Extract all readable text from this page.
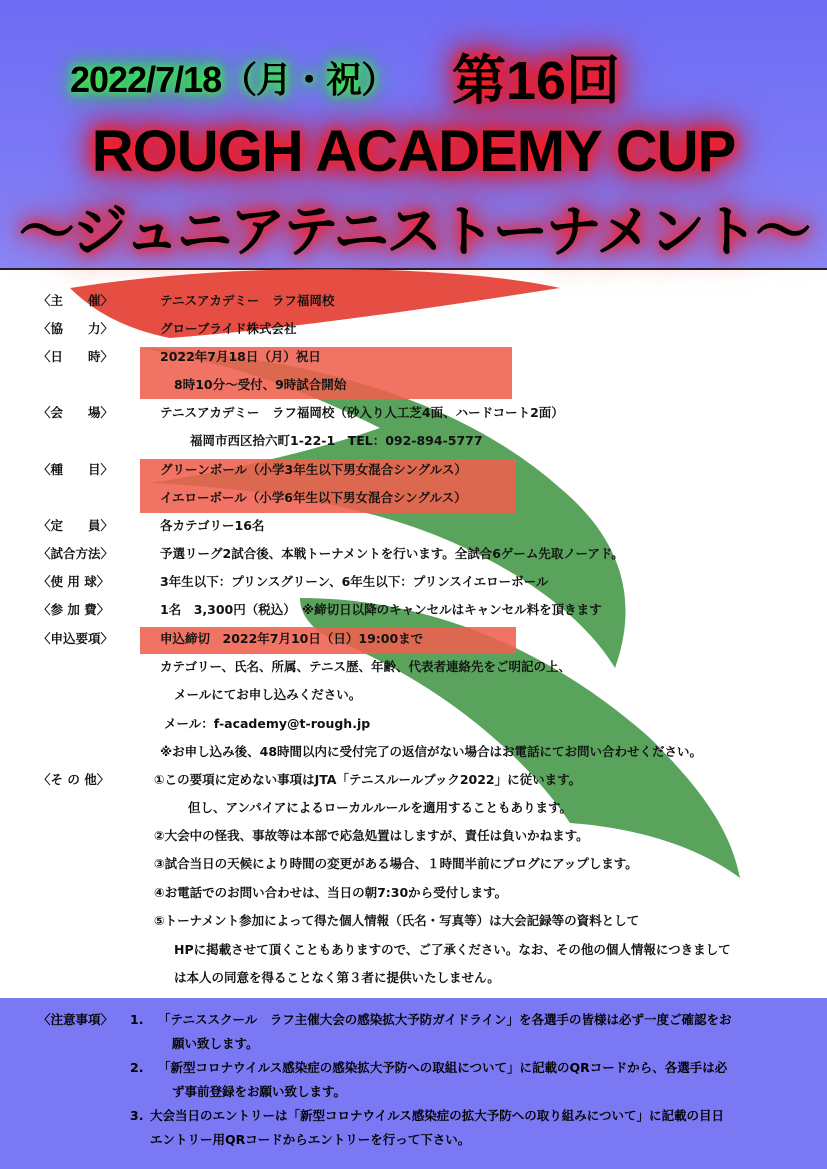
2022/7/18（月・祝） 第16回
ROUGH ACADEMY CUP
～ジュニアテニストーナメント～
〈主　　催〉	テニスアカデミー　ラフ福岡校
〈協　　力〉	グローブライド株式会社
〈日　　時〉	2022年7月18日（月）祝日
8時10分～受付、9時試合開始
〈会　　場〉	テニスアカデミー　ラフ福岡校（砂入り人工芝4面、ハードコート2面）
福岡市西区拾六町1-22-1　TEL：092-894-5777
〈種　　目〉	グリーンボール（小学3年生以下男女混合シングルス）
イエローボール（小学6年生以下男女混合シングルス）
〈定　　員〉	各カテゴリー16名
〈試合方法〉	予選リーグ2試合後、本戦トーナメントを行います。全試合6ゲーム先取ノーアド。
〈使 用 球〉	3年生以下：プリンスグリーン、6年生以下：プリンスイエローボール
〈参 加 費〉	1名　3,300円（税込）　※締切日以降のキャンセルはキャンセル料を頂きます
〈申込要項〉	申込締切　2022年7月10日（日）19:00まで
カテゴリー、氏名、所属、テニス歴、年齢、代表者連絡先をご明記の上、
メールにてお申し込みください。
メール：f-academy@t-rough.jp
※お申し込み後、48時間以内に受付完了の返信がない場合はお電話にてお問い合わせください。
〈そ の 他〉	①この要項に定めない事項はJTA「テニスルールブック2022」に従います。
但し、アンパイアによるローカルルールを適用することもあります。
②大会中の怪我、事故等は本部で応急処置はしますが、責任は負いかねます。
③試合当日の天候により時間の変更がある場合、１時間半前にブログにアップします。
④お電話でのお問い合わせは、当日の朝7:30から受付します。
⑤トーナメント参加によって得た個人情報（氏名・写真等）は大会記録等の資料として
HPに掲載させて頂くこともありますので、ご了承ください。なお、その他の個人情報につきまして
は本人の同意を得ることなく第３者に提供いたしません。
〈注意事項〉 1. 「テニススクール　ラフ主催大会の感染拡大予防ガイドライン」を各選手の皆様は必ず一度ご確認をお
願い致します。
2. 「新型コロナウイルス感染症の感染拡大予防への取組について」に記載のQRコードから、各選手は必
ず事前登録をお願い致します。
3. 大会当日のエントリーは「新型コロナウイルス感染症の拡大予防への取り組みについて」に記載の目日
エントリー用QRコードからエントリーを行って下さい。
